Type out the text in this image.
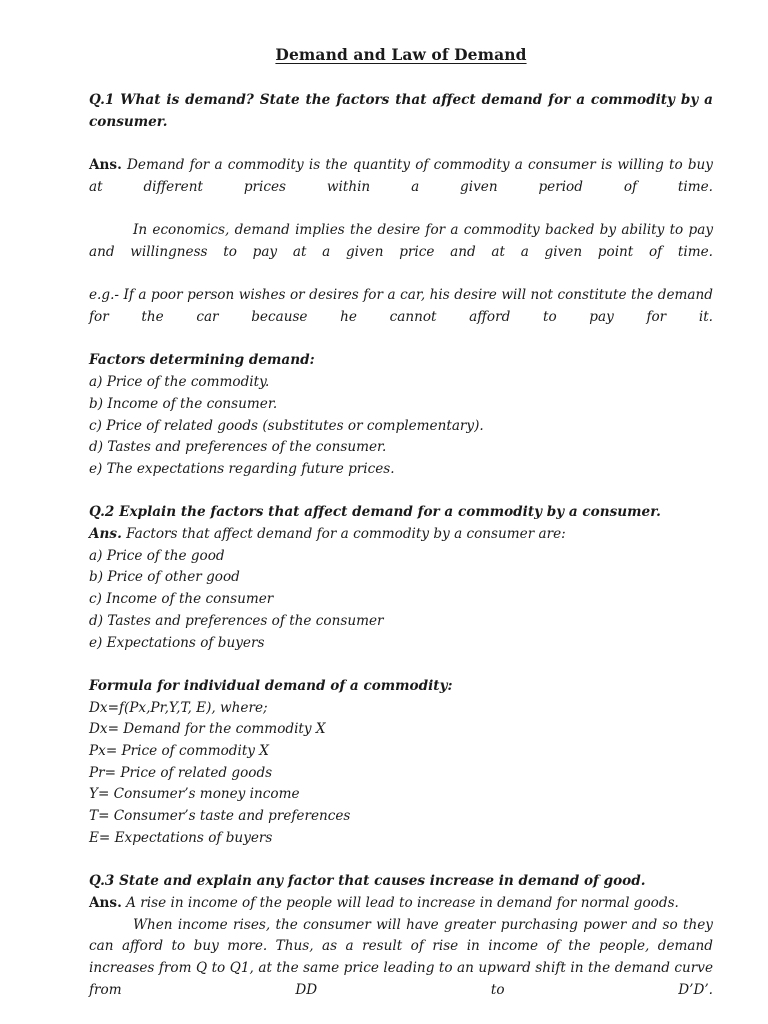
Demand and Law of Demand

Q.1 What is demand? State the factors that affect demand for a commodity by a consumer.

Ans. Demand for a commodity is the quantity of commodity a consumer is willing to buy at different prices within a given period of time.

In economics, demand implies the desire for a commodity backed by ability to pay and willingness to pay at a given price and at a given point of time.

e.g.- If a poor person wishes or desires for a car, his desire will not constitute the demand for the car because he cannot afford to pay for it.

Factors determining demand:

a) Price of the commodity.

b) Income of the consumer.

c) Price of related goods (substitutes or complementary).

d) Tastes and preferences of the consumer.

e) The expectations regarding future prices.

Q.2 Explain the factors that affect demand for a commodity by a consumer.

Ans. Factors that affect demand for a commodity by a consumer are:

a) Price of the good

b) Price of other good

c) Income of the consumer

d) Tastes and preferences of the consumer

e) Expectations of buyers

Formula for individual demand of a commodity:

Dx=f(Px,Pr,Y,T, E), where;

Dx= Demand for the commodity X

Px= Price of commodity X

Pr= Price of related goods

Y= Consumer’s money income

T= Consumer’s taste and preferences

E= Expectations of buyers

Q.3 State and explain any factor that causes increase in demand of good.

Ans. A rise in income of the people will lead to increase in demand for normal goods.

When income rises, the consumer will have greater purchasing power and so they can afford to buy more. Thus, as a result of rise in income of the people, demand increases from Q to Q1, at the same price leading to an upward shift in the demand curve from DD to D’D’.
